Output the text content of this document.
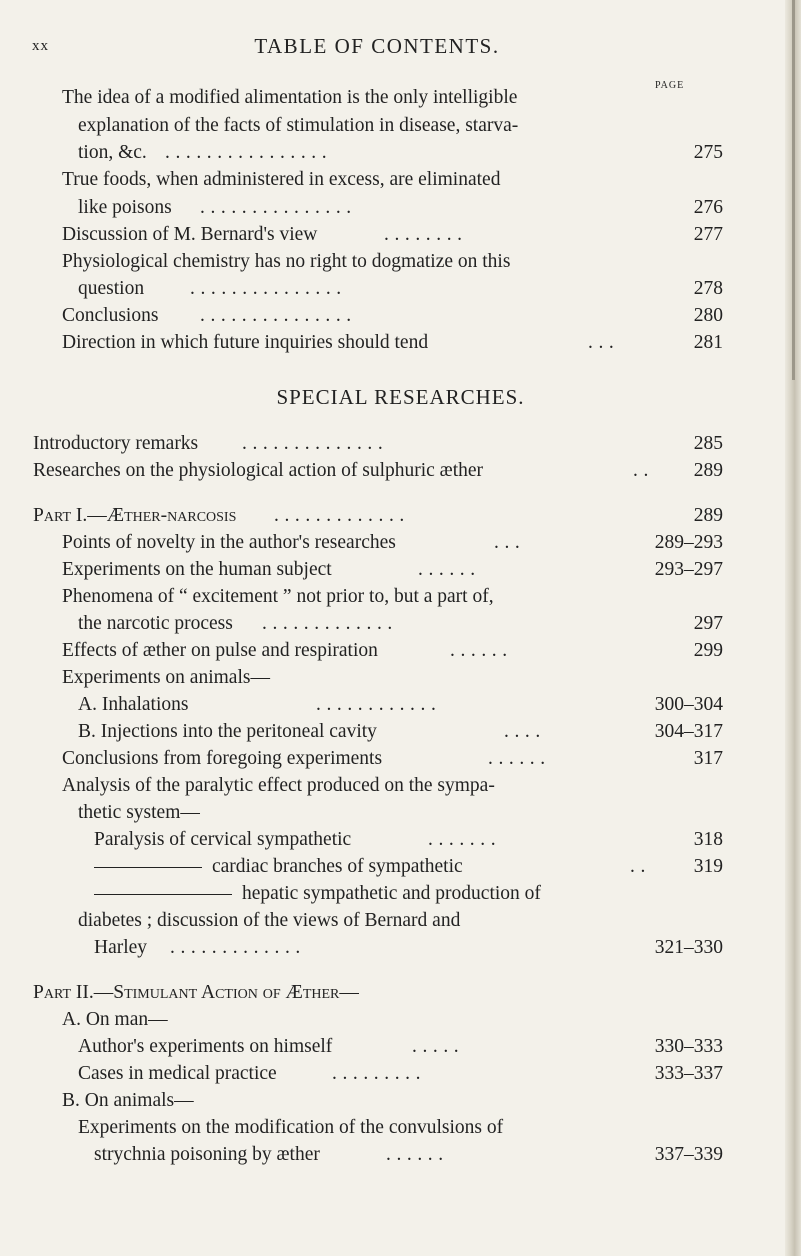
xx	TABLE OF CONTENTS.
PAGE
SPECIAL RESEARCHES.
The idea of a modified alimentation is the only intelligible
explanation of the facts of stimulation in disease, starva-
tion, &c. . . . . . . . . . . . . . . . .	275
True foods, when administered in excess, are eliminated
like poisons . . . . . . . . . . . . . . .	276
Discussion of M. Bernard's view	. . . . . . . .	277
Physiological chemistry has no right to dogmatize on this
question . . . . . . . . . . . . . . .	278
Conclusions . . . . . . . . . . . . . . .	280
Direction in which future inquiries should tend	. . .	281
Introductory remarks . . . . . . . . . . . . . .	285
Researches on the physiological action of sulphuric æther	. . 289
Part I.—Æther-narcosis . . . . . . . . . . . . .	289
Points of novelty in the author's researches	. . .	289–293
Experiments on the human subject	. . . . . .	293–297
Phenomena of “ excitement ” not prior to, but a part of,
the narcotic process . . . . . . . . . . . . .	297
Effects of æther on pulse and respiration	. . . . . .	299
Experiments on animals—
A. Inhalations	. . . . . . . . . . . .	300–304
B. Injections into the peritoneal cavity	. . . .	304–317
Conclusions from foregoing experiments	. . . . . .	317
Analysis of the paralytic effect produced on the sympa-
thetic system—
Paralysis of cervical sympathetic	. . . . . . .	318
cardiac branches of sympathetic	. . 319
hepatic sympathetic and production of
diabetes ; discussion of the views of Bernard and
Harley . . . . . . . . . . . . .	321–330
Part II.—Stimulant Action of Æther—
A. On man—
Author's experiments on himself	. . . . .	330–333
Cases in medical practice	. . . . . . . . .	333–337
B. On animals—
Experiments on the modification of the convulsions of
strychnia poisoning by æther	. . . . . .	337–339
